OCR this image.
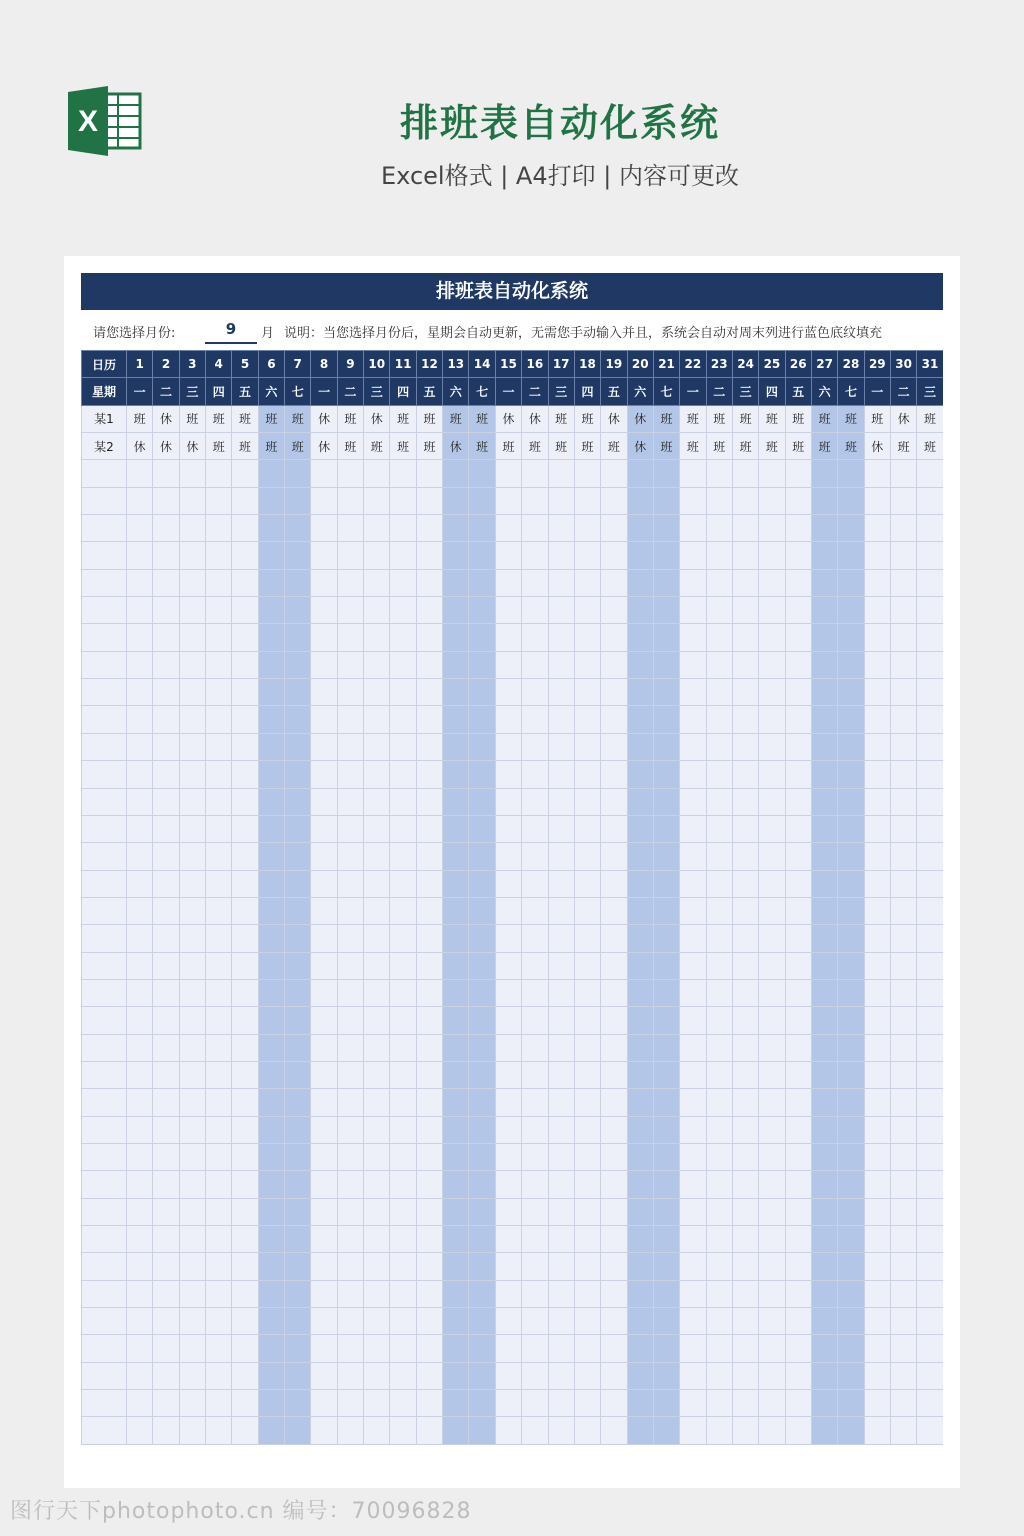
X	排班表自动化系统
Excel格式 | A4打印 | 内容可更改
排班表自动化系统
请您选择月份:	9	月 说明：当您选择月份后，星期会自动更新，无需您手动输入并且，系统会自动对周末列进行蓝色底纹填充
日历	1	2	3	4	5	6	7	8	9	10	11	12	13	14	15	16	17	18	19	20	21	22	23	24	25	26	27	28	29	30	31
星期	一	二	三	四	五	六	七	一	二	三	四	五	六	七	一	二	三	四	五	六	七	一	二	三	四	五	六	七	一	二	三
某1	班	休	班	班	班	班	班	休	班	休	班	班	班	班	休	休	班	班	休	休	班	班	班	班	班	班	班	班	班	休	班
某2	休	休	休	班	班	班	班	休	班	班	班	班	休	班	班	班	班	班	班	休	班	班	班	班	班	班	班	班	休	班	班

图行天下photophoto.cn 编号：70096828
